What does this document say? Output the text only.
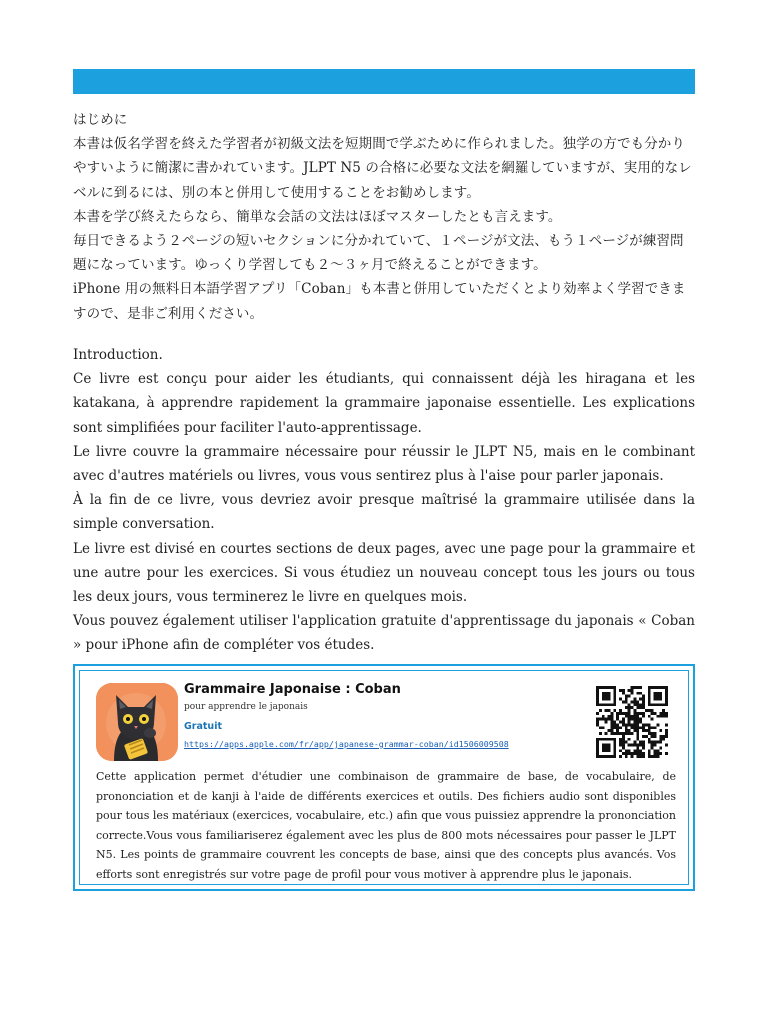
はじめに

本書は仮名学習を終えた学習者が初級文法を短期間で学ぶために作られました。独学の方でも分かりやすいように簡潔に書かれています。JLPT N5 の合格に必要な文法を網羅していますが、実用的なレベルに到るには、別の本と併用して使用することをお勧めします。

本書を学び終えたらなら、簡単な会話の文法はほぼマスターしたとも言えます。

毎日できるよう２ページの短いセクションに分かれていて、１ページが文法、もう１ページが練習問題になっています。ゆっくり学習しても２～３ヶ月で終えることができます。

iPhone 用の無料日本語学習アプリ「Coban」も本書と併用していただくとより効率よく学習できますので、是非ご利用ください。

Introduction.

Ce livre est conçu pour aider les étudiants, qui connaissent déjà les hiragana et les katakana, à apprendre rapidement la grammaire japonaise essentielle. Les explications sont simplifiées pour faciliter l'auto-apprentissage.

Le livre couvre la grammaire nécessaire pour réussir le JLPT N5, mais en le combinant avec d'autres matériels ou livres, vous vous sentirez plus à l'aise pour parler japonais.

À la fin de ce livre, vous devriez avoir presque maîtrisé la grammaire utilisée dans la simple conversation.

Le livre est divisé en courtes sections de deux pages, avec une page pour la grammaire et une autre pour les exercices. Si vous étudiez un nouveau concept tous les jours ou tous les deux jours, vous terminerez le livre en quelques mois.

Vous pouvez également utiliser l'application gratuite d'apprentissage du japonais « Coban » pour iPhone afin de compléter vos études.

Grammaire Japonaise : Coban
pour apprendre le japonais
Gratuit
https://apps.apple.com/fr/app/japanese-grammar-coban/id1506009508
Cette application permet d'étudier une combinaison de grammaire de base, de vocabulaire, de prononciation et de kanji à l'aide de différents exercices et outils. Des fichiers audio sont disponibles pour tous les matériaux (exercices, vocabulaire, etc.) afin que vous puissiez apprendre la prononciation correcte.Vous vous familiariserez également avec les plus de 800 mots nécessaires pour passer le JLPT N5. Les points de grammaire couvrent les concepts de base, ainsi que des concepts plus avancés. Vos efforts sont enregistrés sur votre page de profil pour vous motiver à apprendre plus le japonais.
